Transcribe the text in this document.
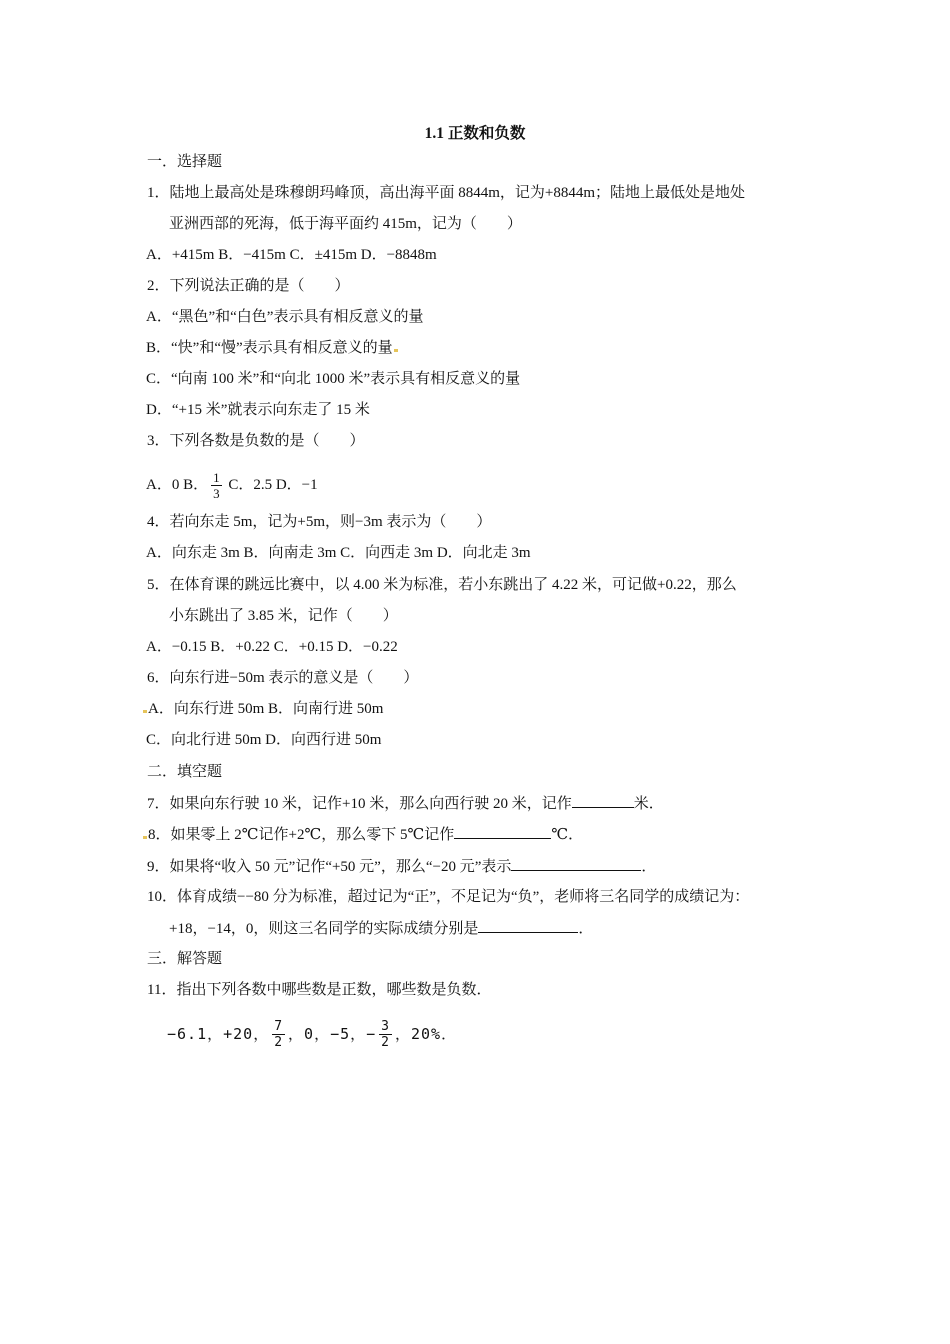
1.1 正数和负数
一．选择题
1．陆地上最高处是珠穆朗玛峰顶，高出海平面 8844m，记为+8844m；陆地上最低处是地处
亚洲西部的死海，低于海平面约 415m，记为（　　）
A．+415m B．−415m C．±415m D．−8848m
2．下列说法正确的是（　　）
A．“黑色”和“白色”表示具有相反意义的量
B．“快”和“慢”表示具有相反意义的量
C．“向南 100 米”和“向北 1000 米”表示具有相反意义的量
D．“+15 米”就表示向东走了 15 米
3．下列各数是负数的是（　　）
A．0 B． $\frac{1}{3}$ C．2.5 D．−1
4．若向东走 5m，记为+5m，则−3m 表示为（　　）
A．向东走 3m B．向南走 3m C．向西走 3m D．向北走 3m
5．在体育课的跳远比赛中，以 4.00 米为标准，若小东跳出了 4.22 米，可记做+0.22，那么
小东跳出了 3.85 米，记作（　　）
A．−0.15 B．+0.22 C．+0.15 D．−0.22
6．向东行进−50m 表示的意义是（　　）
A．向东行进 50m B．向南行进 50m
C．向北行进 50m D．向西行进 50m
二．填空题
7．如果向东行驶 10 米，记作+10 米，那么向西行驶 20 米，记作	米．
8．如果零上 2℃记作+2℃，那么零下 5℃记作	℃．
9．如果将“收入 50 元”记作“+50 元”，那么“−20 元”表示	．
10．体育成绩−−80 分为标准，超过记为“正”，不足记为“负”，老师将三名同学的成绩记为：
+18，−14，0，则这三名同学的实际成绩分别是	．
三．解答题
11．指出下列各数中哪些数是正数，哪些数是负数．
−6.1，+20， $\frac{7}{2}$ ，0，−5，− $\frac{3}{2}$ ，20%．
